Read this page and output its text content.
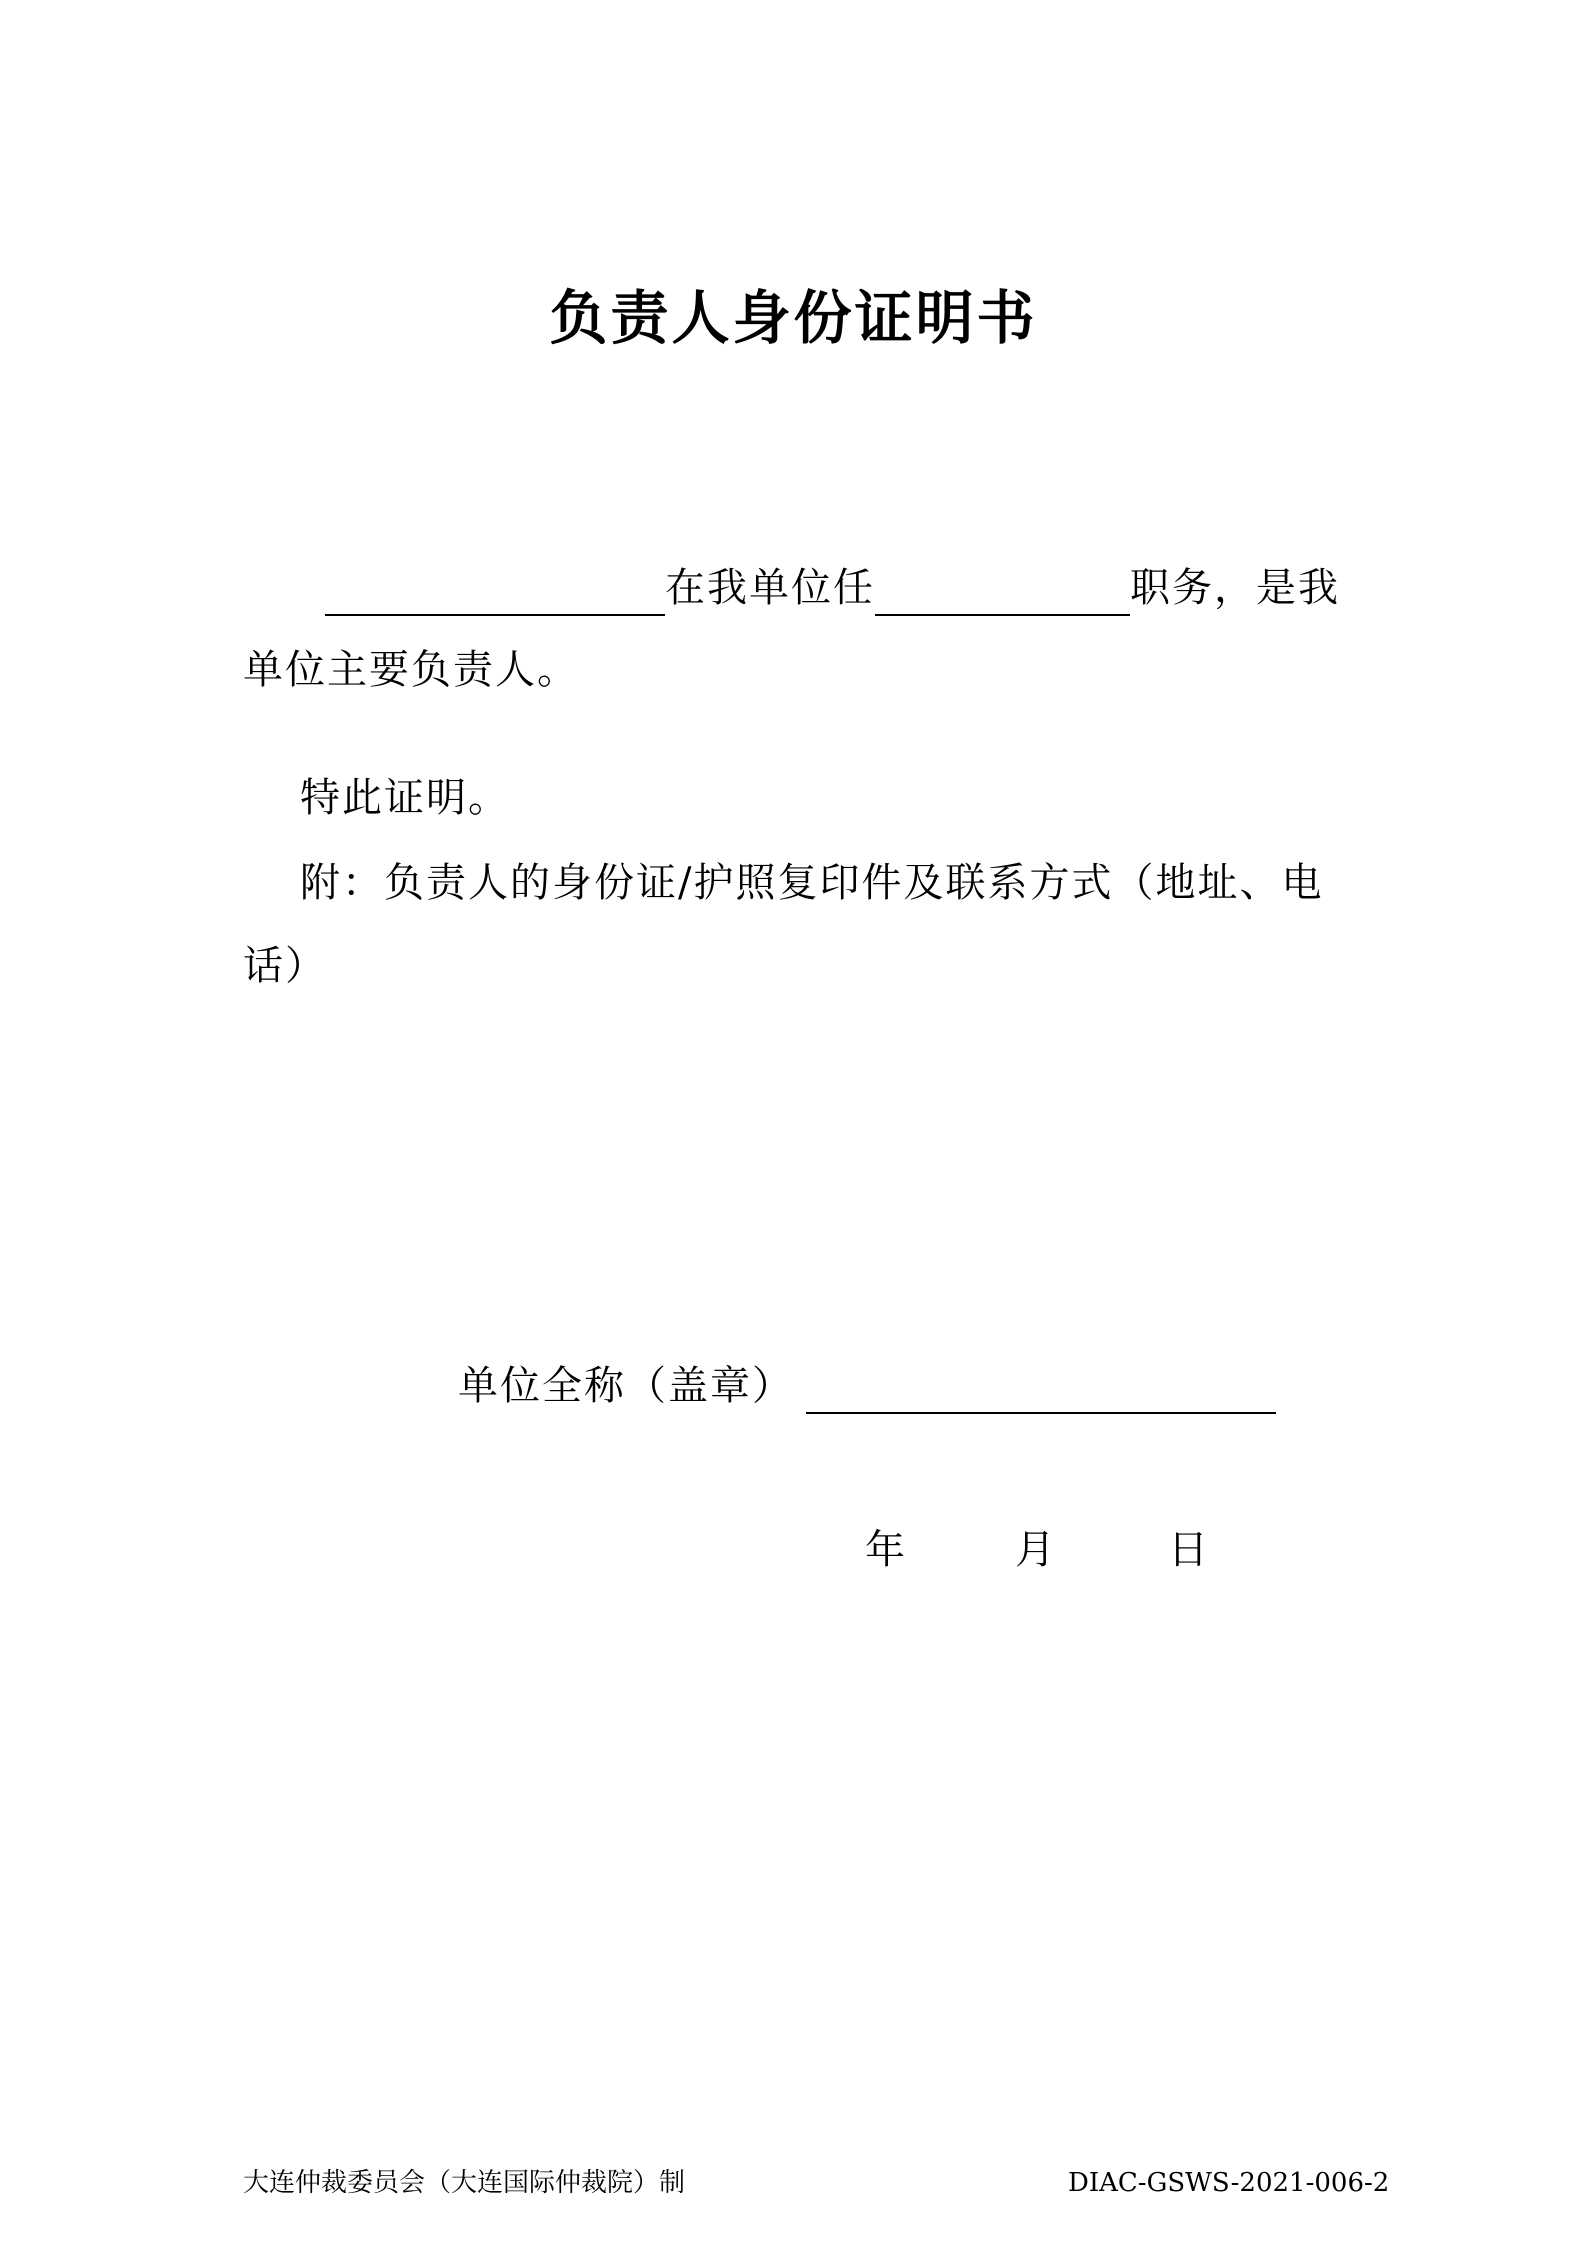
负责人身份证明书
在我单位任	职务，是我
单位主要负责人。
特此证明。
附：负责人的身份证/护照复印件及联系方式（地址、电
话）
单位全称（盖章）
年	月	日
大连仲裁委员会（大连国际仲裁院）制	DIAC-GSWS-2021-006-2
